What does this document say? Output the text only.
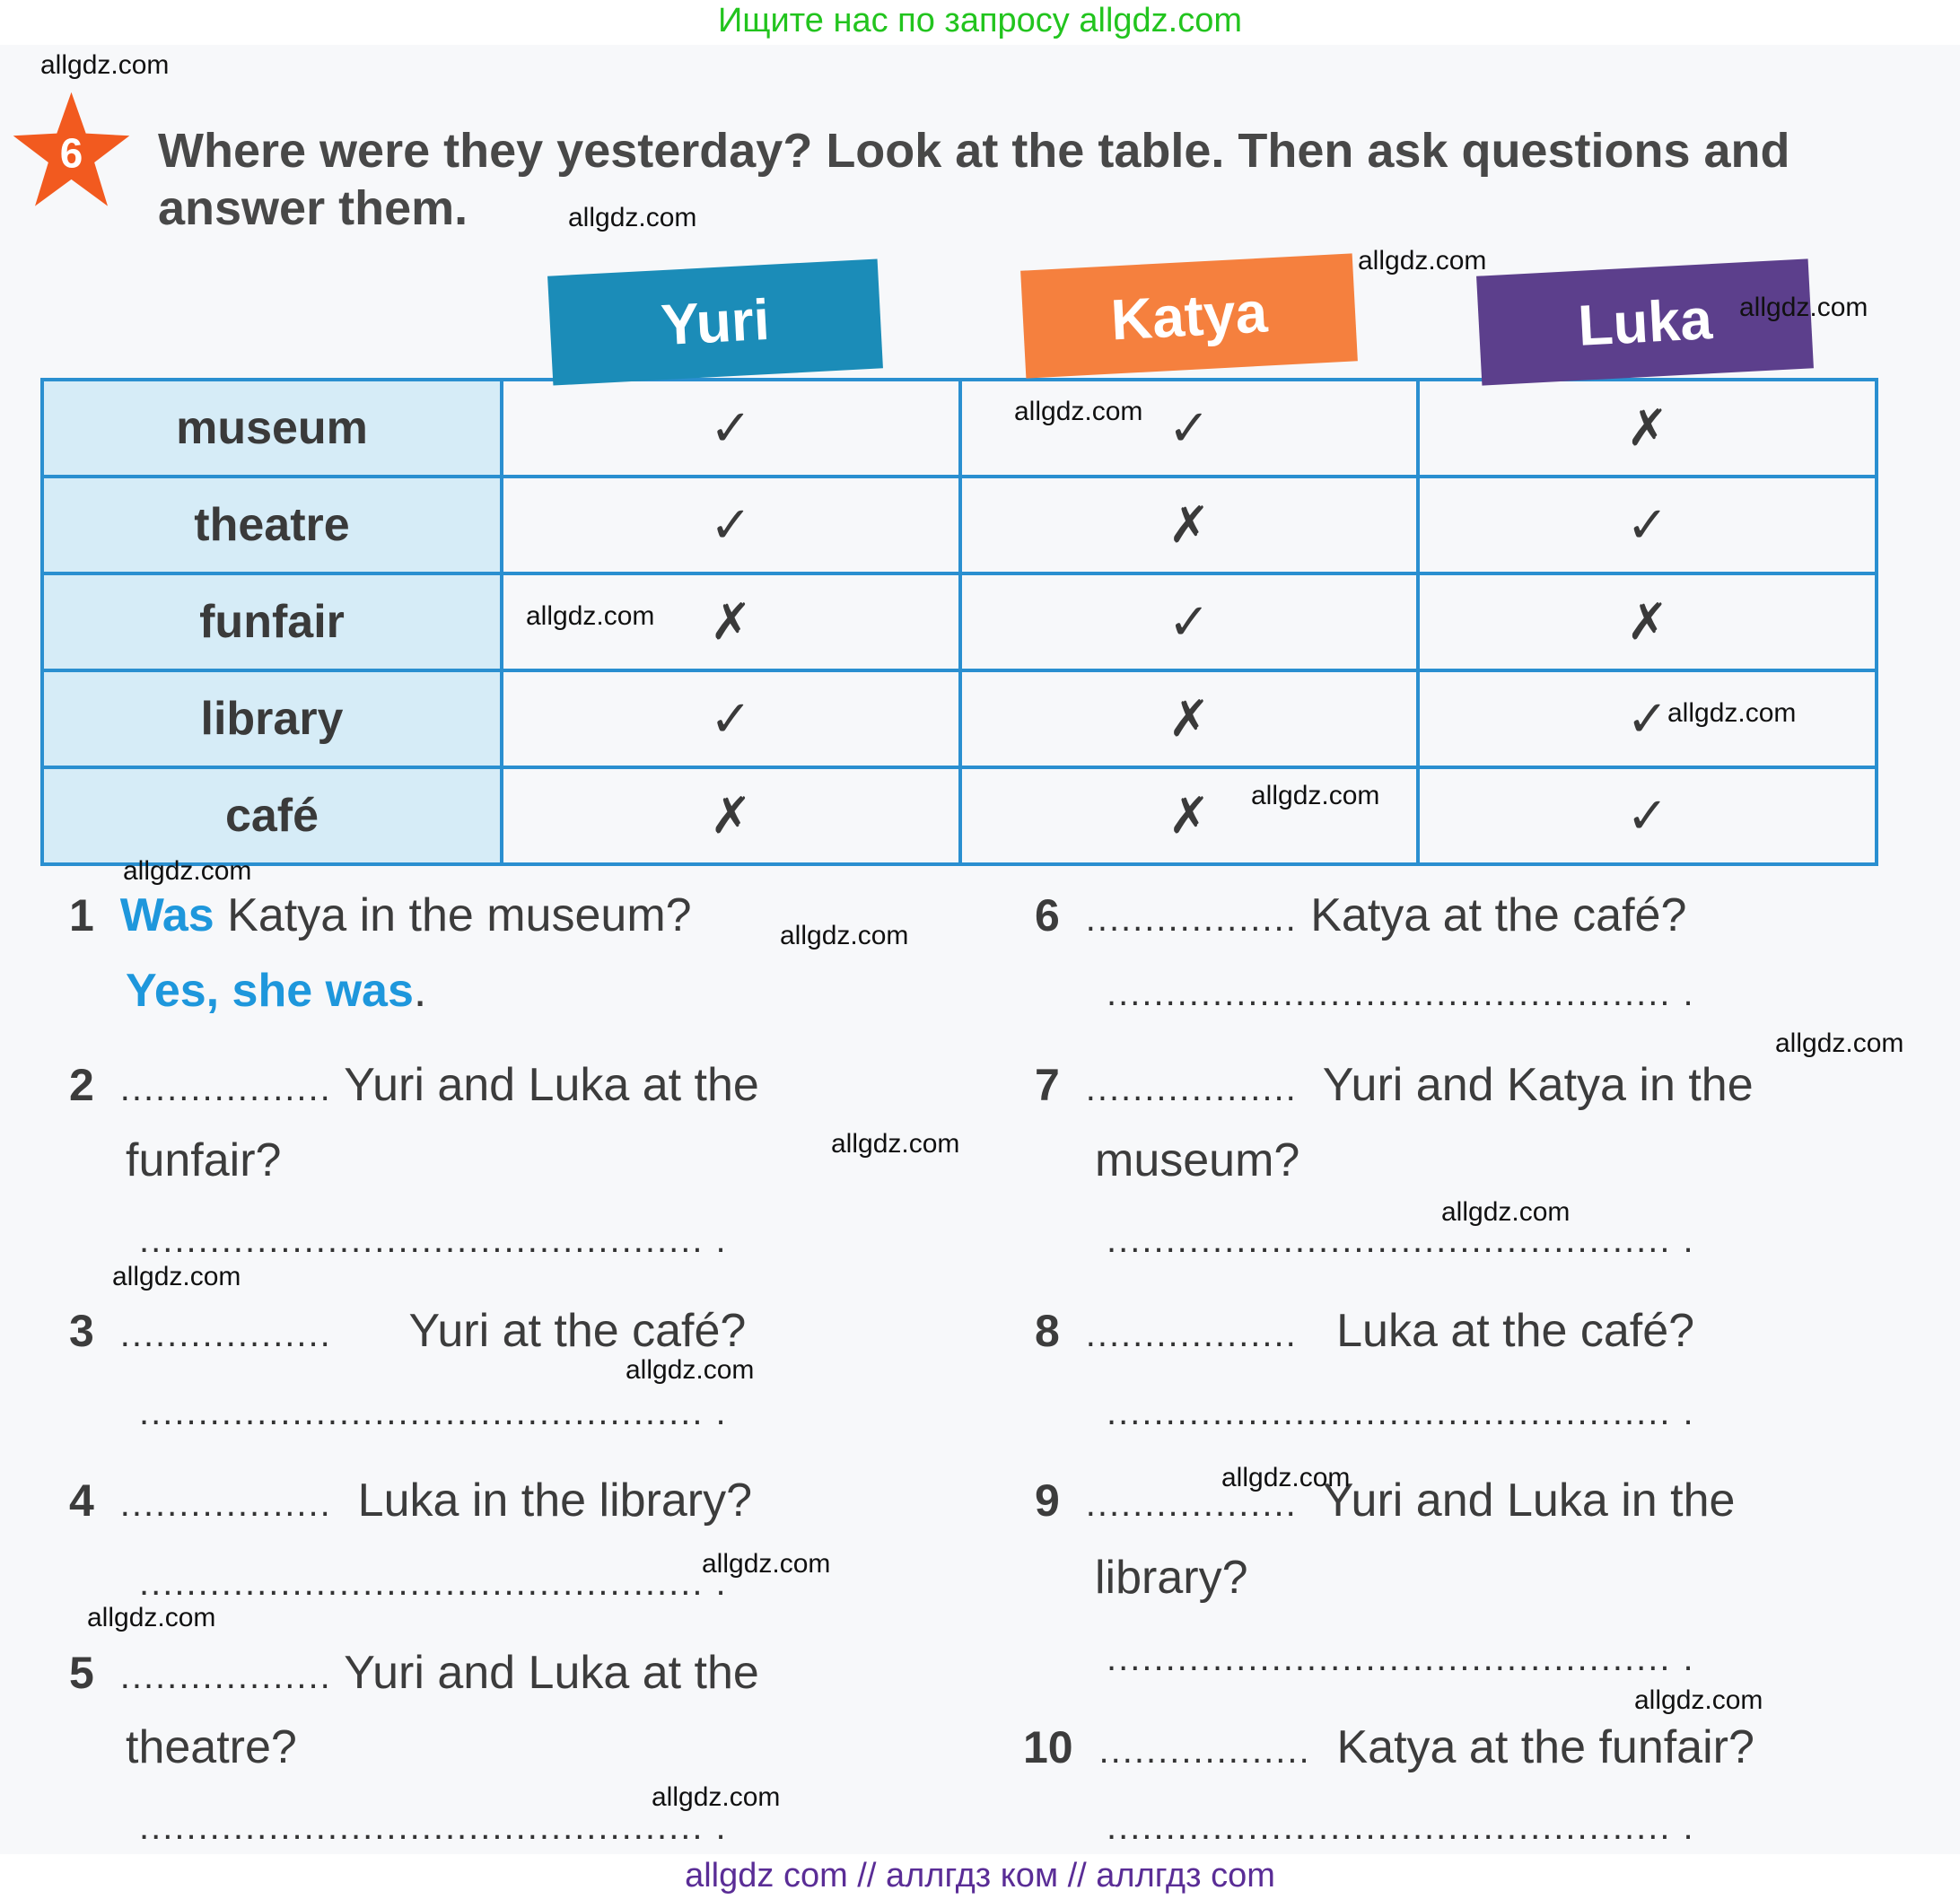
Ищите нас по запросу allgdz.com
6 Where were they yesterday? Look at the table. Then ask questions and answer them.
museum	✓	✓	✗
theatre	✓	✗	✓
funfair	✗	✓	✗
library	✓	✗	✓
café	✗	✗	✓
Yuri	Katya	Luka
1 Was Katya in the museum?
Yes, she was.
2 .................. Yuri and Luka at the
funfair?
................................................ .
3 .................. Yuri at the café?
................................................ .
4 .................. Luka in the library?
................................................ .
5 .................. Yuri and Luka at the
theatre?
................................................ .
6 .................. Katya at the café?
................................................ .
7 .................. Yuri and Katya in the
museum?
................................................ .
8 .................. Luka at the café?
................................................ .
9 .................. Yuri and Luka in the
library?
................................................ .
10 .................. Katya at the funfair?
................................................ .
allgdz.com
allgdz.com
allgdz.com
allgdz.com
allgdz.com
allgdz.com
allgdz.com
allgdz.com
allgdz.com
allgdz.com
allgdz.com
allgdz.com
allgdz.com
allgdz.com
allgdz.com
allgdz.com
allgdz.com
allgdz.com
allgdz.com
allgdz.com
allgdz com // аллгдз ком // аллгдз com
